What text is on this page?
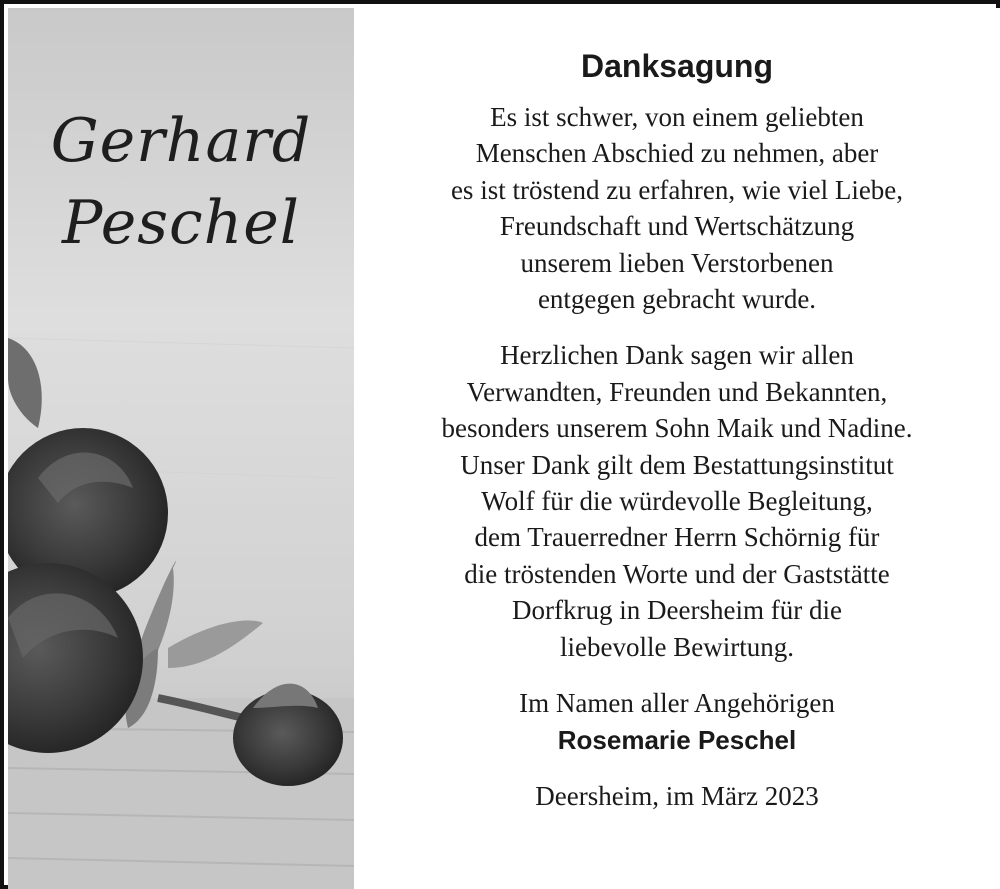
Gerhard
Peschel
Danksagung
Es ist schwer, von einem geliebten
Menschen Abschied zu nehmen, aber
es ist tröstend zu erfahren, wie viel Liebe,
Freundschaft und Wertschätzung
unserem lieben Verstorbenen
entgegen gebracht wurde.
Herzlichen Dank sagen wir allen
Verwandten, Freunden und Bekannten,
besonders unserem Sohn Maik und Nadine.
Unser Dank gilt dem Bestattungsinstitut
Wolf für die würdevolle Begleitung,
dem Trauerredner Herrn Schörnig für
die tröstenden Worte und der Gaststätte
Dorfkrug in Deersheim für die
liebevolle Bewirtung.
Im Namen aller Angehörigen
Rosemarie Peschel
Deersheim, im März 2023
